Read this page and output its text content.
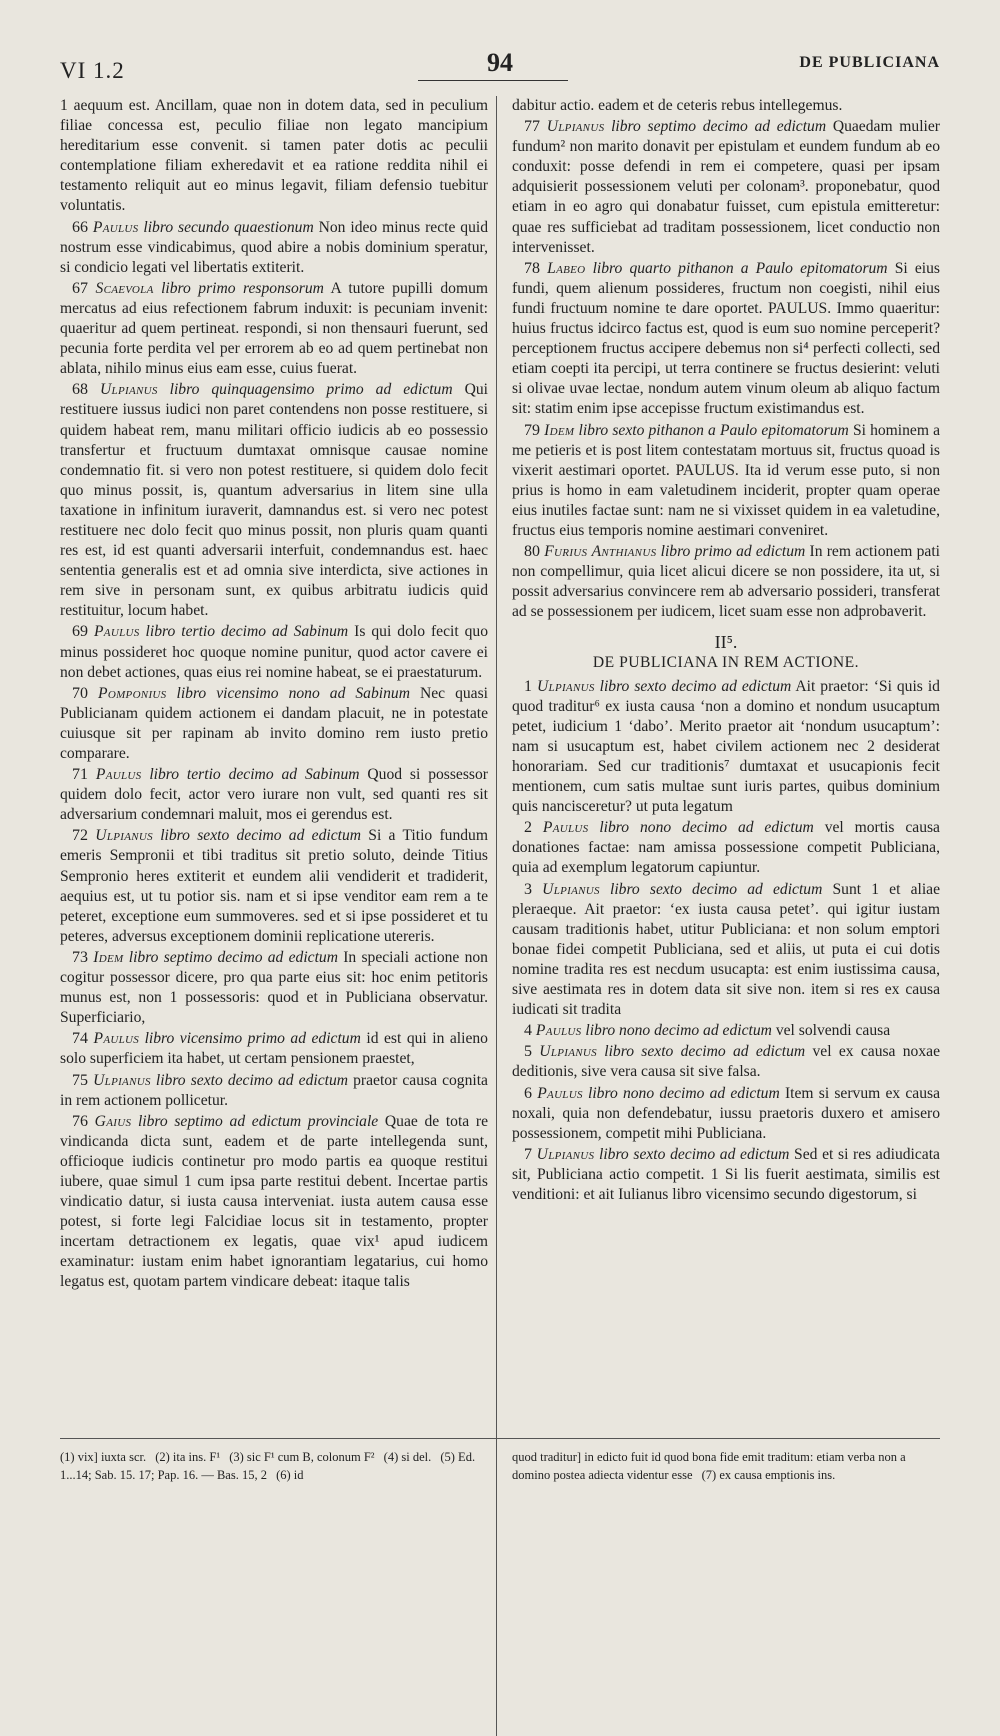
VI 1.2	94	DE PUBLICIANA

1 aequum est. Ancillam, quae non in dotem data, sed in peculium filiae concessa est, peculio filiae non legato mancipium hereditarium esse convenit. si tamen pater dotis ac peculii contemplatione filiam exheredavit et ea ratione reddita nihil ei testamento reliquit aut eo minus legavit, filiam defensio tuebitur voluntatis.

66 Paulus libro secundo quaestionum Non ideo minus recte quid nostrum esse vindicabimus, quod abire a nobis dominium speratur, si condicio legati vel libertatis extiterit.

67 Scaevola libro primo responsorum A tutore pupilli domum mercatus ad eius refectionem fabrum induxit: is pecuniam invenit: quaeritur ad quem pertineat. respondi, si non thensauri fuerunt, sed pecunia forte perdita vel per errorem ab eo ad quem pertinebat non ablata, nihilo minus eius eam esse, cuius fuerat.

68 Ulpianus libro quinquagensimo primo ad edictum Qui restituere iussus iudici non paret contendens non posse restituere, si quidem habeat rem, manu militari officio iudicis ab eo possessio transfertur et fructuum dumtaxat omnisque causae nomine condemnatio fit. si vero non potest restituere, si quidem dolo fecit quo minus possit, is, quantum adversarius in litem sine ulla taxatione in infinitum iuraverit, damnandus est. si vero nec potest restituere nec dolo fecit quo minus possit, non pluris quam quanti res est, id est quanti adversarii interfuit, condemnandus est. haec sententia generalis est et ad omnia sive interdicta, sive actiones in rem sive in personam sunt, ex quibus arbitratu iudicis quid restituitur, locum habet.

69 Paulus libro tertio decimo ad Sabinum Is qui dolo fecit quo minus possideret hoc quoque nomine punitur, quod actor cavere ei non debet actiones, quas eius rei nomine habeat, se ei praestaturum.

70 Pomponius libro vicensimo nono ad Sabinum Nec quasi Publicianam quidem actionem ei dandam placuit, ne in potestate cuiusque sit per rapinam ab invito domino rem iusto pretio comparare.

71 Paulus libro tertio decimo ad Sabinum Quod si possessor quidem dolo fecit, actor vero iurare non vult, sed quanti res sit adversarium condemnari maluit, mos ei gerendus est.

72 Ulpianus libro sexto decimo ad edictum Si a Titio fundum emeris Sempronii et tibi traditus sit pretio soluto, deinde Titius Sempronio heres extiterit et eundem alii vendiderit et tradiderit, aequius est, ut tu potior sis. nam et si ipse venditor eam rem a te peteret, exceptione eum summoveres. sed et si ipse possideret et tu peteres, adversus exceptionem dominii replicatione utereris.

73 Idem libro septimo decimo ad edictum In speciali actione non cogitur possessor dicere, pro qua parte eius sit: hoc enim petitoris munus est, non 1 possessoris: quod et in Publiciana observatur. Superficiario,

74 Paulus libro vicensimo primo ad edictum id est qui in alieno solo superficiem ita habet, ut certam pensionem praestet,

75 Ulpianus libro sexto decimo ad edictum praetor causa cognita in rem actionem pollicetur.

76 Gaius libro septimo ad edictum provinciale Quae de tota re vindicanda dicta sunt, eadem et de parte intellegenda sunt, officioque iudicis continetur pro modo partis ea quoque restitui iubere, quae simul 1 cum ipsa parte restitui debent. Incertae partis vindicatio datur, si iusta causa interveniat. iusta autem causa esse potest, si forte legi Falcidiae locus sit in testamento, propter incertam detractionem ex legatis, quae vix¹ apud iudicem examinatur: iustam enim habet ignorantiam legatarius, cui homo legatus est, quotam partem vindicare debeat: itaque talis

dabitur actio. eadem et de ceteris rebus intellegemus.

77 Ulpianus libro septimo decimo ad edictum Quaedam mulier fundum² non marito donavit per epistulam et eundem fundum ab eo conduxit: posse defendi in rem ei competere, quasi per ipsam adquisierit possessionem veluti per colonam³. proponebatur, quod etiam in eo agro qui donabatur fuisset, cum epistula emitteretur: quae res sufficiebat ad traditam possessionem, licet conductio non intervenisset.

78 Labeo libro quarto pithanon a Paulo epitomatorum Si eius fundi, quem alienum possideres, fructum non coegisti, nihil eius fundi fructuum nomine te dare oportet. PAULUS. Immo quaeritur: huius fructus idcirco factus est, quod is eum suo nomine perceperit? perceptionem fructus accipere debemus non si⁴ perfecti collecti, sed etiam coepti ita percipi, ut terra continere se fructus desierint: veluti si olivae uvae lectae, nondum autem vinum oleum ab aliquo factum sit: statim enim ipse accepisse fructum existimandus est.

79 Idem libro sexto pithanon a Paulo epitomatorum Si hominem a me petieris et is post litem contestatam mortuus sit, fructus quoad is vixerit aestimari oportet. PAULUS. Ita id verum esse puto, si non prius is homo in eam valetudinem inciderit, propter quam operae eius inutiles factae sunt: nam ne si vixisset quidem in ea valetudine, fructus eius temporis nomine aestimari conveniret.

80 Furius Anthianus libro primo ad edictum In rem actionem pati non compellimur, quia licet alicui dicere se non possidere, ita ut, si possit adversarius convincere rem ab adversario possideri, transferat ad se possessionem per iudicem, licet suam esse non adprobaverit.

II⁵.
DE PUBLICIANA IN REM ACTIONE.

1 Ulpianus libro sexto decimo ad edictum Ait praetor: ‘Si quis id quod traditur⁶ ex iusta causa ‘non a domino et nondum usucaptum petet, iudicium 1 ‘dabo’. Merito praetor ait ‘nondum usucaptum’: nam si usucaptum est, habet civilem actionem nec 2 desiderat honorariam. Sed cur traditionis⁷ dumtaxat et usucapionis fecit mentionem, cum satis multae sunt iuris partes, quibus dominium quis nancisceretur? ut puta legatum

2 Paulus libro nono decimo ad edictum vel mortis causa donationes factae: nam amissa possessione competit Publiciana, quia ad exemplum legatorum capiuntur.

3 Ulpianus libro sexto decimo ad edictum Sunt 1 et aliae pleraeque. Ait praetor: ‘ex iusta causa petet’. qui igitur iustam causam traditionis habet, utitur Publiciana: et non solum emptori bonae fidei competit Publiciana, sed et aliis, ut puta ei cui dotis nomine tradita res est necdum usucapta: est enim iustissima causa, sive aestimata res in dotem data sit sive non. item si res ex causa iudicati sit tradita

4 Paulus libro nono decimo ad edictum vel solvendi causa

5 Ulpianus libro sexto decimo ad edictum vel ex causa noxae deditionis, sive vera causa sit sive falsa.

6 Paulus libro nono decimo ad edictum Item si servum ex causa noxali, quia non defendebatur, iussu praetoris duxero et amisero possessionem, competit mihi Publiciana.

7 Ulpianus libro sexto decimo ad edictum Sed et si res adiudicata sit, Publiciana actio competit. 1 Si lis fuerit aestimata, similis est venditioni: et ait Iulianus libro vicensimo secundo digestorum, si

(1) vix] iuxta scr. (2) ita ins. F¹ (3) sic F¹ cum B, colonum F² (4) si del. (5) Ed. 1...14; Sab. 15. 17; Pap. 16. — Bas. 15, 2 (6) id
quod traditur] in edicto fuit id quod bona fide emit traditum: etiam verba non a domino postea adiecta videntur esse (7) ex causa emptionis ins.
